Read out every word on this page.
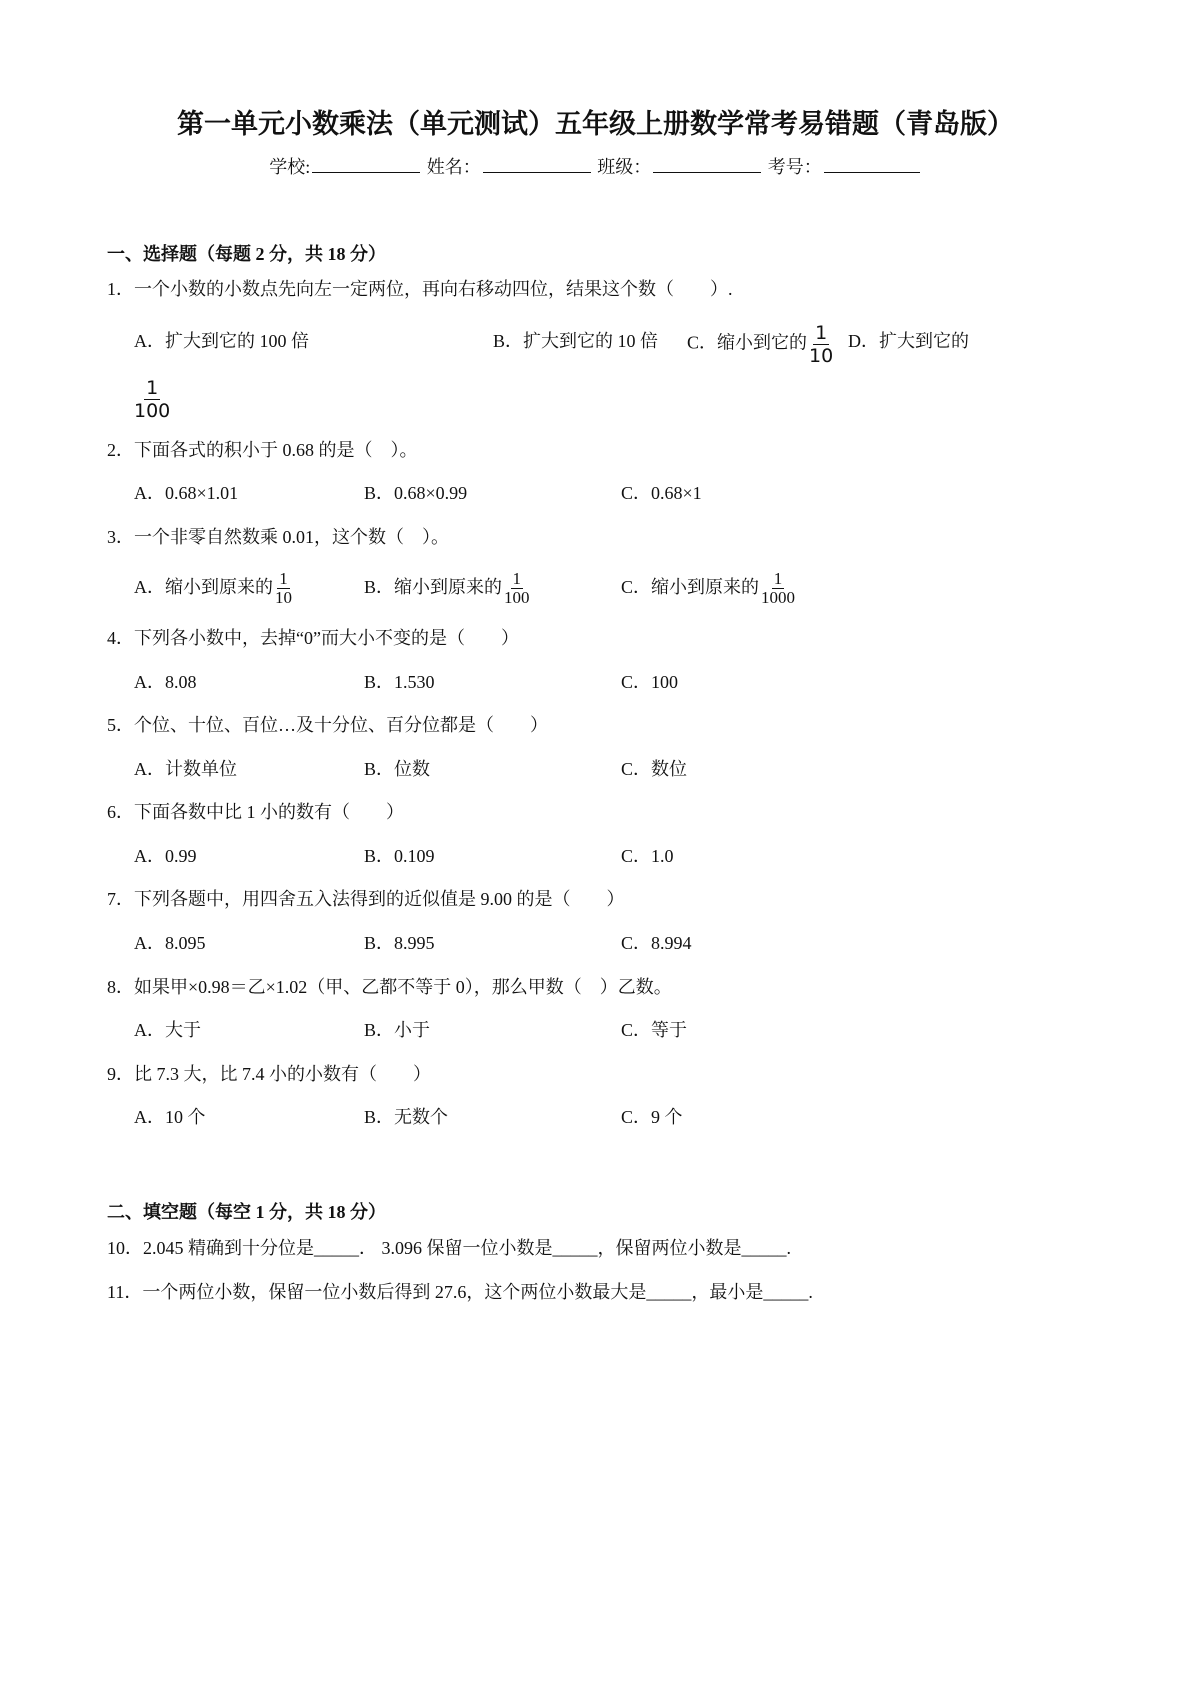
第一单元小数乘法（单元测试）五年级上册数学常考易错题（青岛版）
学校:	姓名：	班级：	考号：
一、选择题（每题 2 分，共 18 分）
1．一个小数的小数点先向左一定两位，再向右移动四位，结果这个数（　　）.
A．扩大到它的 100 倍	B．扩大到它的 10 倍 C．缩小到它的 $\frac{1}{10}$ D．扩大到它的
$\frac{1}{100}$
2．下面各式的积小于 0.68 的是（　）。
A．0.68×1.01	B．0.68×0.99	C．0.68×1
3．一个非零自然数乘 0.01，这个数（　）。
A．缩小到原来的 $\frac{1}{10}$	B．缩小到原来的 $\frac{1}{100}$	C．缩小到原来的 $\frac{1}{1000}$
4．下列各小数中，去掉“0”而大小不变的是（　　）
A．8.08	B．1.530	C．100
5．个位、十位、百位…及十分位、百分位都是（　　）
A．计数单位	B．位数	C．数位
6．下面各数中比 1 小的数有（　　）
A．0.99	B．0.109	C．1.0
7．下列各题中，用四舍五入法得到的近似值是 9.00 的是（　　）
A．8.095	B．8.995	C．8.994
8．如果甲×0.98＝乙×1.02（甲、乙都不等于 0），那么甲数（　）乙数。
A．大于	B．小于	C．等于
9．比 7.3 大，比 7.4 小的小数有（　　）
A．10 个	B．无数个	C．9 个
二、填空题（每空 1 分，共 18 分）
10．2.045 精确到十分位是_____． 3.096 保留一位小数是_____，保留两位小数是_____.
11．一个两位小数，保留一位小数后得到 27.6，这个两位小数最大是_____，最小是_____.
